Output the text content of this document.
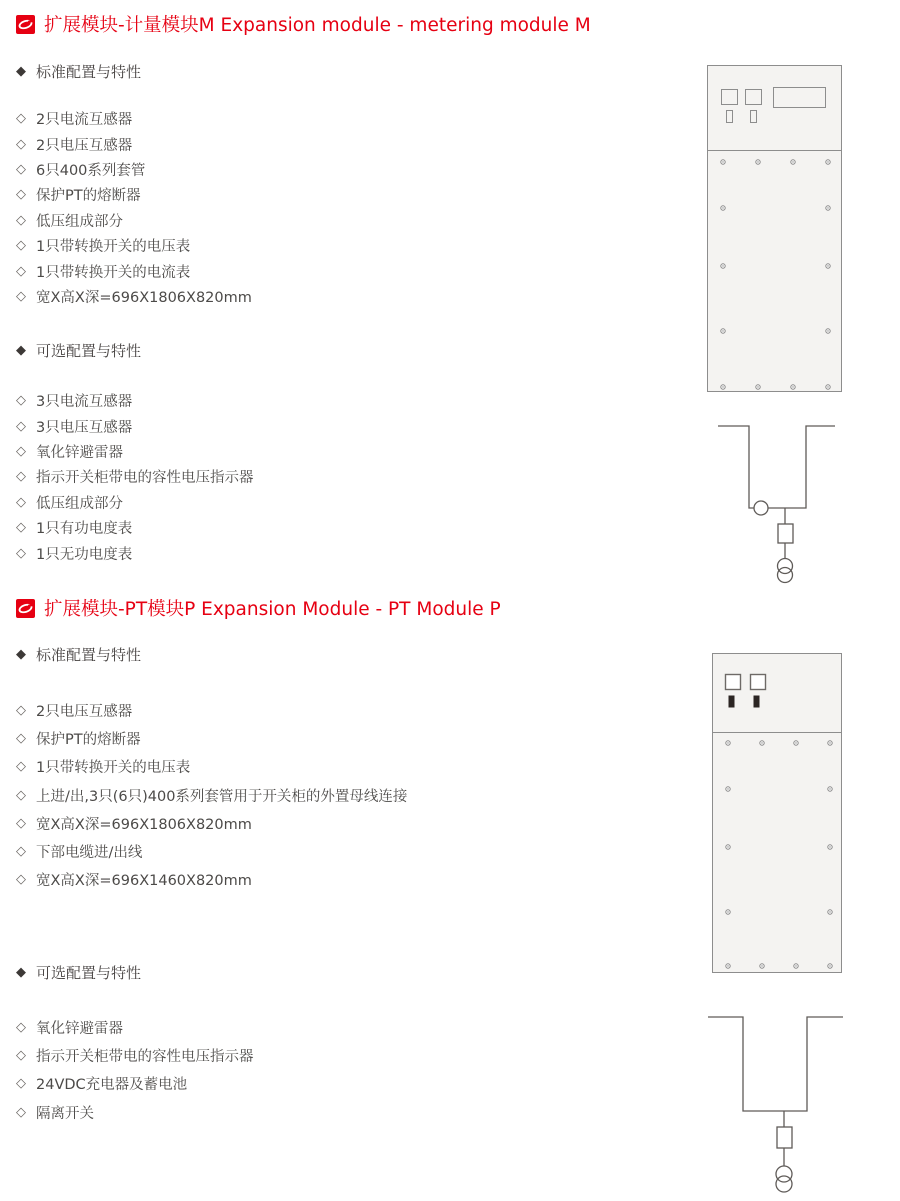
扩展模块-计量模块M Expansion module - metering module M
◆ 标准配置与特性
◇ 2只电流互感器
◇ 2只电压互感器
◇ 6只400系列套管
◇ 保护PT的熔断器
◇ 低压组成部分
◇ 1只带转换开关的电压表
◇ 1只带转换开关的电流表
◇ 宽X高X深=696X1806X820mm
◆ 可选配置与特性
◇ 3只电流互感器
◇ 3只电压互感器
◇ 氧化锌避雷器
◇ 指示开关柜带电的容性电压指示器
◇ 低压组成部分
◇ 1只有功电度表
◇ 1只无功电度表
扩展模块-PT模块P Expansion Module - PT Module P
◆ 标准配置与特性
◇ 2只电压互感器
◇ 保护PT的熔断器
◇ 1只带转换开关的电压表
◇ 上进/出,3只(6只)400系列套管用于开关柜的外置母线连接
◇ 宽X高X深=696X1806X820mm
◇ 下部电缆进/出线
◇ 宽X高X深=696X1460X820mm
◆ 可选配置与特性
◇ 氧化锌避雷器
◇ 指示开关柜带电的容性电压指示器
◇ 24VDC充电器及蓄电池
◇ 隔离开关
